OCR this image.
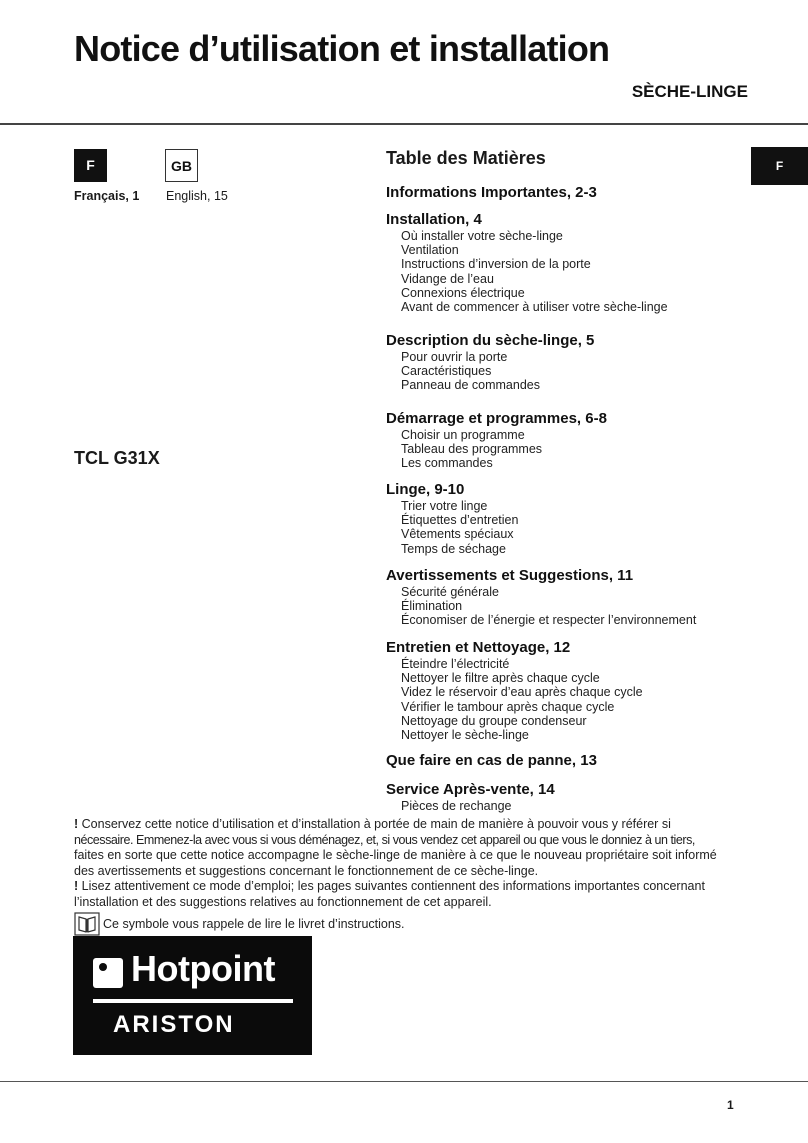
Notice d’utilisation et installation
SÈCHE-LINGE
F	GB
Français, 1 English, 15
F
TCL G31X
Table des Matières
Informations Importantes, 2-3
Installation, 4
Où installer votre sèche-linge
Ventilation
Instructions d’inversion de la porte
Vidange de l’eau
Connexions électrique
Avant de commencer à utiliser votre sèche-linge
Description du sèche-linge, 5
Pour ouvrir la porte
Caractéristiques
Panneau de commandes
Démarrage et programmes, 6-8
Choisir un programme
Tableau des programmes
Les commandes
Linge, 9-10
Trier votre linge
Étiquettes d’entretien
Vêtements spéciaux
Temps de séchage
Avertissements et Suggestions, 11
Sécurité générale
Élimination
Économiser de l’énergie et respecter l’environnement
Entretien et Nettoyage, 12
Éteindre l’électricité
Nettoyer le filtre après chaque cycle
Videz le réservoir d’eau après chaque cycle
Vérifier le tambour après chaque cycle
Nettoyage du groupe condenseur
Nettoyer le sèche-linge
Que faire en cas de panne, 13
Service Après-vente, 14
Pièces de rechange
! Conservez cette notice d’utilisation et d’installation à portée de main de manière à pouvoir vous y référer si
nécessaire. Emmenez-la avec vous si vous déménagez, et, si vous vendez cet appareil ou que vous le donniez à un tiers,
faites en sorte que cette notice accompagne le sèche-linge de manière à ce que le nouveau propriétaire soit informé
des avertissements et suggestions concernant le fonctionnement de ce sèche-linge.
! Lisez attentivement ce mode d’emploi; les pages suivantes contiennent des informations importantes concernant
l’installation et des suggestions relatives au fonctionnement de cet appareil.
Ce symbole vous rappele de lire le livret d’instructions.
Hotpoint
ARISTON
1
